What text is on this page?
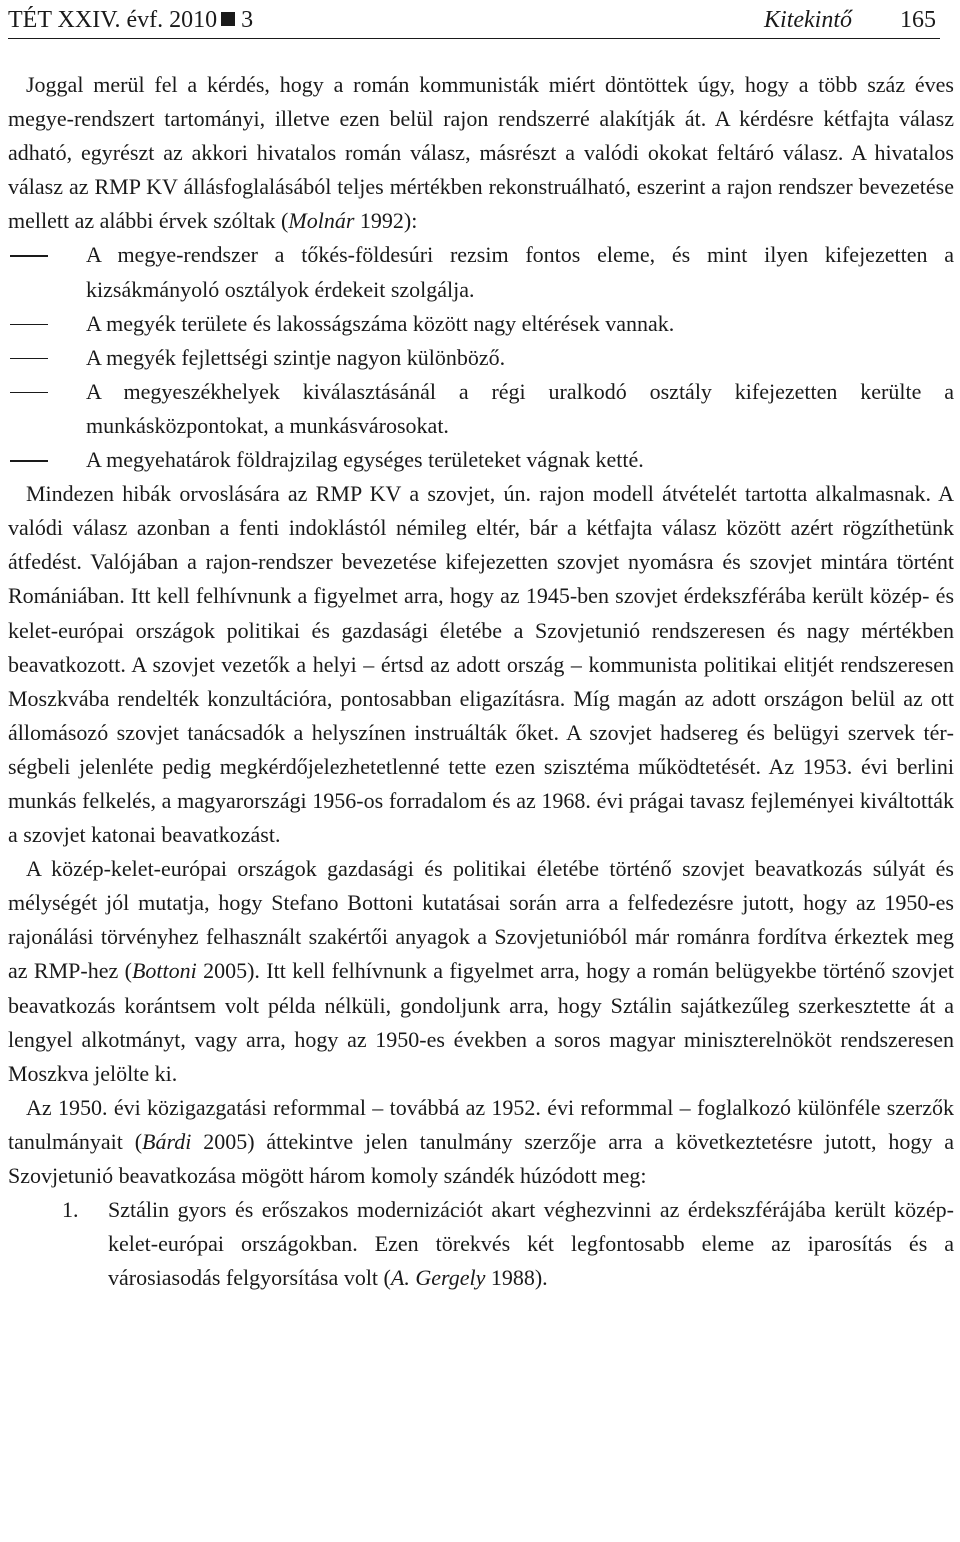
TÉT XXIV. évf. 2010 3	Kitekintő 165

Joggal merül fel a kérdés, hogy a román kommunisták miért döntöttek úgy, hogy a több száz éves megye-rendszert tartományi, illetve ezen belül rajon rendszerré alakítják át. A kérdésre kétfajta válasz adható, egyrészt az akkori hivatalos román válasz, másrészt a valódi okokat feltáró válasz. A hivatalos válasz az RMP KV állásfoglalásából teljes mértékben rekonstruálható, eszerint a rajon rendszer bevezetése mellett az alábbi érvek szóltak (Molnár 1992):

A megye-rendszer a tőkés-földesúri rezsim fontos eleme, és mint ilyen kifejezetten a kizsákmányoló osztályok érdekeit szolgálja.
A megyék területe és lakosságszáma között nagy eltérések vannak.
A megyék fejlettségi szintje nagyon különböző.
A megyeszékhelyek kiválasztásánál a régi uralkodó osztály kifejezetten kerülte a munkásközpontokat, a munkásvárosokat.
A megyehatárok földrajzilag egységes területeket vágnak ketté.

Mindezen hibák orvoslására az RMP KV a szovjet, ún. rajon modell átvételét tartotta alkalmasnak. A valódi válasz azonban a fenti indoklástól némileg eltér, bár a kétfajta válasz között azért rögzíthetünk átfedést. Valójában a rajon-rendszer bevezetése kifejezetten szovjet nyomásra és szovjet mintára történt Romániában. Itt kell felhívnunk a figyelmet arra, hogy az 1945-ben szovjet érdekszférába került közép- és kelet-európai országok politikai és gazdasági életébe a Szovjetunió rendszeresen és nagy mértékben beavatkozott. A szovjet vezetők a helyi – értsd az adott ország – kommunista politikai elitjét rendszeresen Moszkvába rendelték konzultációra, pontosabban eligazításra. Míg magán az adott országon belül az ott állomásozó szovjet tanácsadók a helyszínen instruálták őket. A szovjet hadsereg és belügyi szervek térségbeli jelenléte pedig megkérdőjelezhetetlenné tette ezen szisztéma működtetését. Az 1953. évi berlini munkás felkelés, a magyarországi 1956-os forradalom és az 1968. évi prágai tavasz fejleményei kiváltották a szovjet katonai beavatkozást.

A közép-kelet-európai országok gazdasági és politikai életébe történő szovjet beavatkozás súlyát és mélységét jól mutatja, hogy Stefano Bottoni kutatásai során arra a felfedezésre jutott, hogy az 1950-es rajonálási törvényhez felhasznált szakértői anyagok a Szovjetunióból már románra fordítva érkeztek meg az RMP-hez (Bottoni 2005). Itt kell felhívnunk a figyelmet arra, hogy a román belügyekbe történő szovjet beavatkozás korántsem volt példa nélküli, gondoljunk arra, hogy Sztálin sajátkezűleg szerkesztette át a lengyel alkotmányt, vagy arra, hogy az 1950-es években a soros magyar miniszterelnököt rendszeresen Moszkva jelölte ki.

Az 1950. évi közigazgatási reformmal – továbbá az 1952. évi reformmal – foglalkozó különféle szerzők tanulmányait (Bárdi 2005) áttekintve jelen tanulmány szerzője arra a következtetésre jutott, hogy a Szovjetunió beavatkozása mögött három komoly szándék húzódott meg:

1. Sztálin gyors és erőszakos modernizációt akart véghezvinni az érdekszférájába került közép-kelet-európai országokban. Ezen törekvés két legfontosabb eleme az iparosítás és a városiasodás felgyorsítása volt (A. Gergely 1988).
